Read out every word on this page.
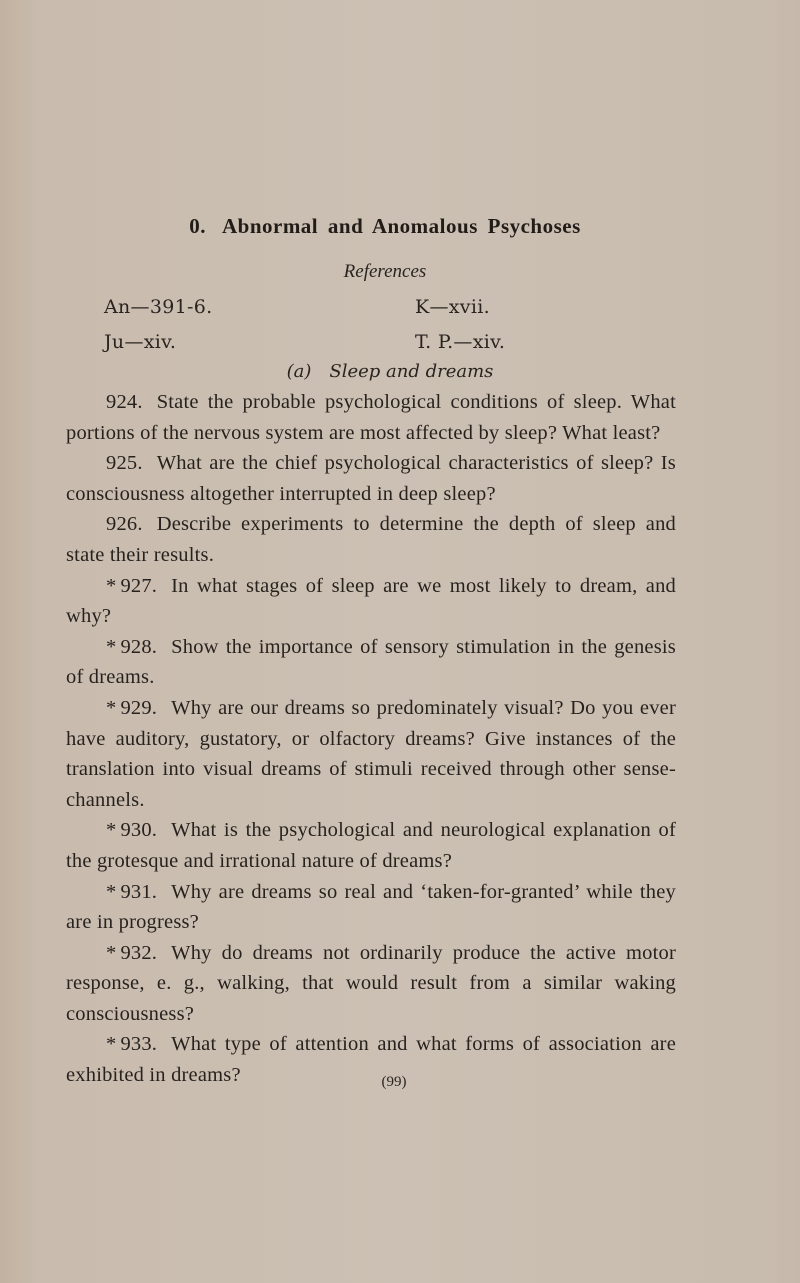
0. Abnormal and Anomalous Psychoses
References
An—391-6.
Ju—xiv.
K—xvii.
T. P.—xiv.
(a) Sleep and dreams

924. State the probable psychological conditions of sleep. What portions of the nervous system are most affected by sleep? What least?

925. What are the chief psychological characteristics of sleep? Is consciousness altogether interrupted in deep sleep?

926. Describe experiments to determine the depth of sleep and state their results.

* 927. In what stages of sleep are we most likely to dream, and why?

* 928. Show the importance of sensory stimulation in the genesis of dreams.

* 929. Why are our dreams so predominately visual? Do you ever have auditory, gustatory, or olfactory dreams? Give instances of the translation into visual dreams of stimuli received through other sense-channels.

* 930. What is the psychological and neurological explanation of the grotesque and irrational nature of dreams?

* 931. Why are dreams so real and ‘taken-for-granted’ while they are in progress?

* 932. Why do dreams not ordinarily produce the active motor response, e. g., walking, that would result from a similar waking consciousness?

* 933. What type of attention and what forms of association are exhibited in dreams?	(99)
